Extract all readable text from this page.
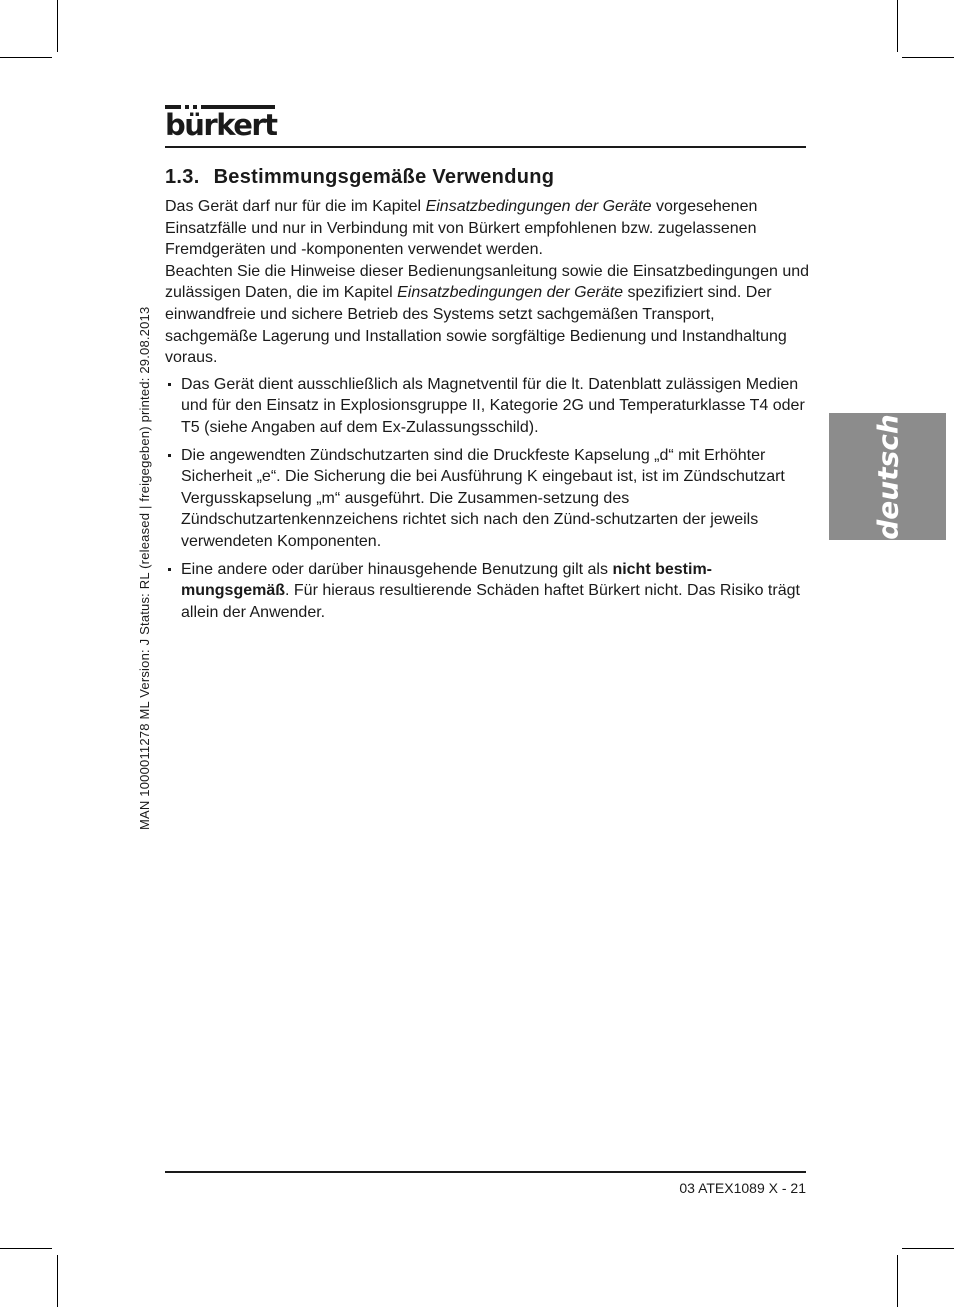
bürkert
1.3. Bestimmungsgemäße Verwendung

Das Gerät darf nur für die im Kapitel Einsatzbedingungen der Geräte vorgesehenen Einsatzfälle und nur in Verbindung mit von Bürkert empfohlenen bzw. zugelassenen Fremdgeräten und -komponenten verwendet werden.

Beachten Sie die Hinweise dieser Bedienungsanleitung sowie die Einsatzbedingungen und zulässigen Daten, die im Kapitel Einsatzbedingungen der Geräte spezifiziert sind. Der einwandfreie und sichere Betrieb des Systems setzt sachgemäßen Transport, sachgemäße Lagerung und Installation sowie sorgfältige Bedienung und Instandhaltung voraus.

Das Gerät dient ausschließlich als Magnetventil für die lt. Datenblatt zulässigen Medien und für den Einsatz in Explosionsgruppe II, Kategorie 2G und Temperaturklasse T4 oder T5 (siehe Angaben auf dem Ex-Zulassungsschild).
Die angewendten Zündschutzarten sind die Druckfeste Kapselung „d“ mit Erhöhter Sicherheit „e“. Die Sicherung die bei Ausführung K eingebaut ist, ist im Zündschutzart Vergusskapselung „m“ ausgeführt. Die Zusammen-setzung des Zündschutzartenkennzeichens richtet sich nach den Zünd-schutzarten der jeweils verwendeten Komponenten.
Eine andere oder darüber hinausgehende Benutzung gilt als nicht bestimmungsgemäß. Für hieraus resultierende Schäden haftet Bürkert nicht. Das Risiko trägt allein der Anwender.
MAN 1000011278 ML Version: J Status: RL (released | freigegeben) printed: 29.08.2013	deutsch
03 ATEX1089 X - 21
